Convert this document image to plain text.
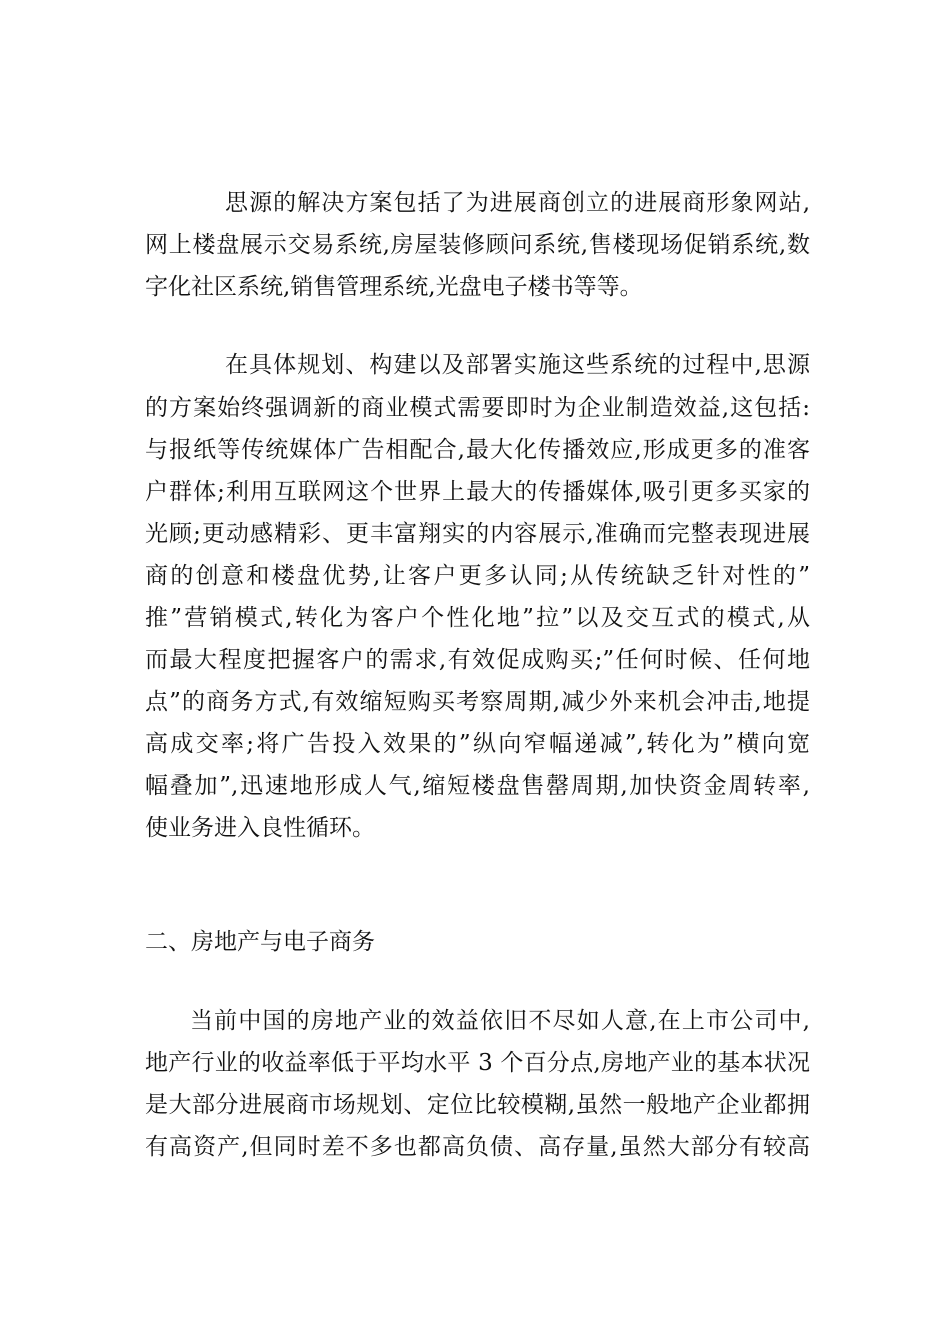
思源的解决方案包括了为进展商创立的进展商形象网站,
网上楼盘展示交易系统,房屋装修顾问系统,售楼现场促销系统,数
字化社区系统,销售管理系统,光盘电子楼书等等。
在具体规划、构建以及部署实施这些系统的过程中,思源
的方案始终强调新的商业模式需要即时为企业制造效益,这包括:
与报纸等传统媒体广告相配合,最大化传播效应,形成更多的准客
户群体;利用互联网这个世界上最大的传播媒体,吸引更多买家的
光顾;更动感精彩、更丰富翔实的内容展示,准确而完整表现进展
商的创意和楼盘优势,让客户更多认同;从传统缺乏针对性的”
推”营销模式,转化为客户个性化地”拉”以及交互式的模式,从
而最大程度把握客户的需求,有效促成购买;”任何时候、任何地
点”的商务方式,有效缩短购买考察周期,减少外来机会冲击,地提
高成交率;将广告投入效果的”纵向窄幅递减”,转化为”横向宽
幅叠加”,迅速地形成人气,缩短楼盘售罄周期,加快资金周转率,
使业务进入良性循环。
二、房地产与电子商务
当前中国的房地产业的效益依旧不尽如人意,在上市公司中,
地产行业的收益率低于平均水平 3 个百分点,房地产业的基本状况
是大部分进展商市场规划、定位比较模糊,虽然一般地产企业都拥
有高资产,但同时差不多也都高负债、高存量,虽然大部分有较高
